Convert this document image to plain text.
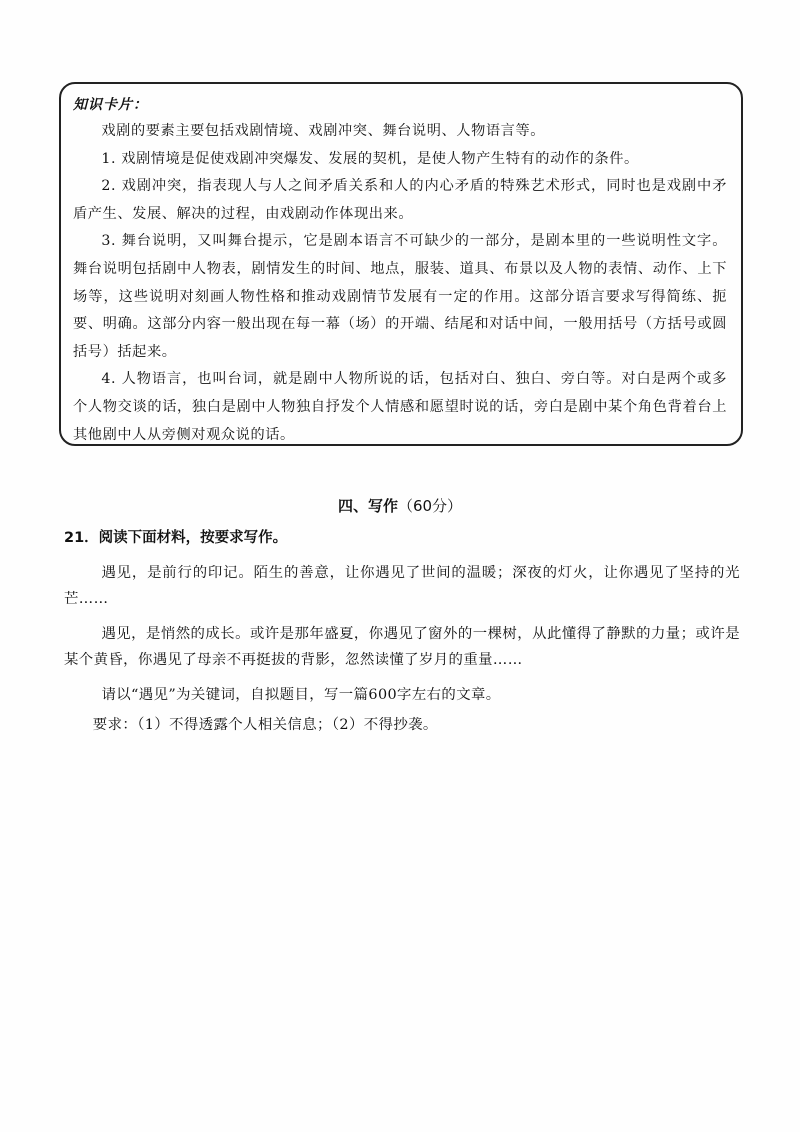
知识卡片：

戏剧的要素主要包括戏剧情境、戏剧冲突、舞台说明、人物语言等。

1. 戏剧情境是促使戏剧冲突爆发、发展的契机，是使人物产生特有的动作的条件。

2. 戏剧冲突，指表现人与人之间矛盾关系和人的内心矛盾的特殊艺术形式，同时也是戏剧中矛盾产生、发展、解决的过程，由戏剧动作体现出来。

3. 舞台说明，又叫舞台提示，它是剧本语言不可缺少的一部分，是剧本里的一些说明性文字。舞台说明包括剧中人物表，剧情发生的时间、地点，服装、道具、布景以及人物的表情、动作、上下场等，这些说明对刻画人物性格和推动戏剧情节发展有一定的作用。这部分语言要求写得简练、扼要、明确。这部分内容一般出现在每一幕（场）的开端、结尾和对话中间，一般用括号（方括号或圆括号）括起来。

4. 人物语言，也叫台词，就是剧中人物所说的话，包括对白、独白、旁白等。对白是两个或多个人物交谈的话，独白是剧中人物独自抒发个人情感和愿望时说的话，旁白是剧中某个角色背着台上其他剧中人从旁侧对观众说的话。

四、写作（60分）
21．阅读下面材料，按要求写作。

遇见，是前行的印记。陌生的善意，让你遇见了世间的温暖；深夜的灯火，让你遇见了坚持的光芒……

遇见，是悄然的成长。或许是那年盛夏，你遇见了窗外的一棵树，从此懂得了静默的力量；或许是某个黄昏，你遇见了母亲不再挺拔的背影，忽然读懂了岁月的重量……

请以“遇见”为关键词，自拟题目，写一篇600字左右的文章。

要求：（1）不得透露个人相关信息；（2）不得抄袭。
